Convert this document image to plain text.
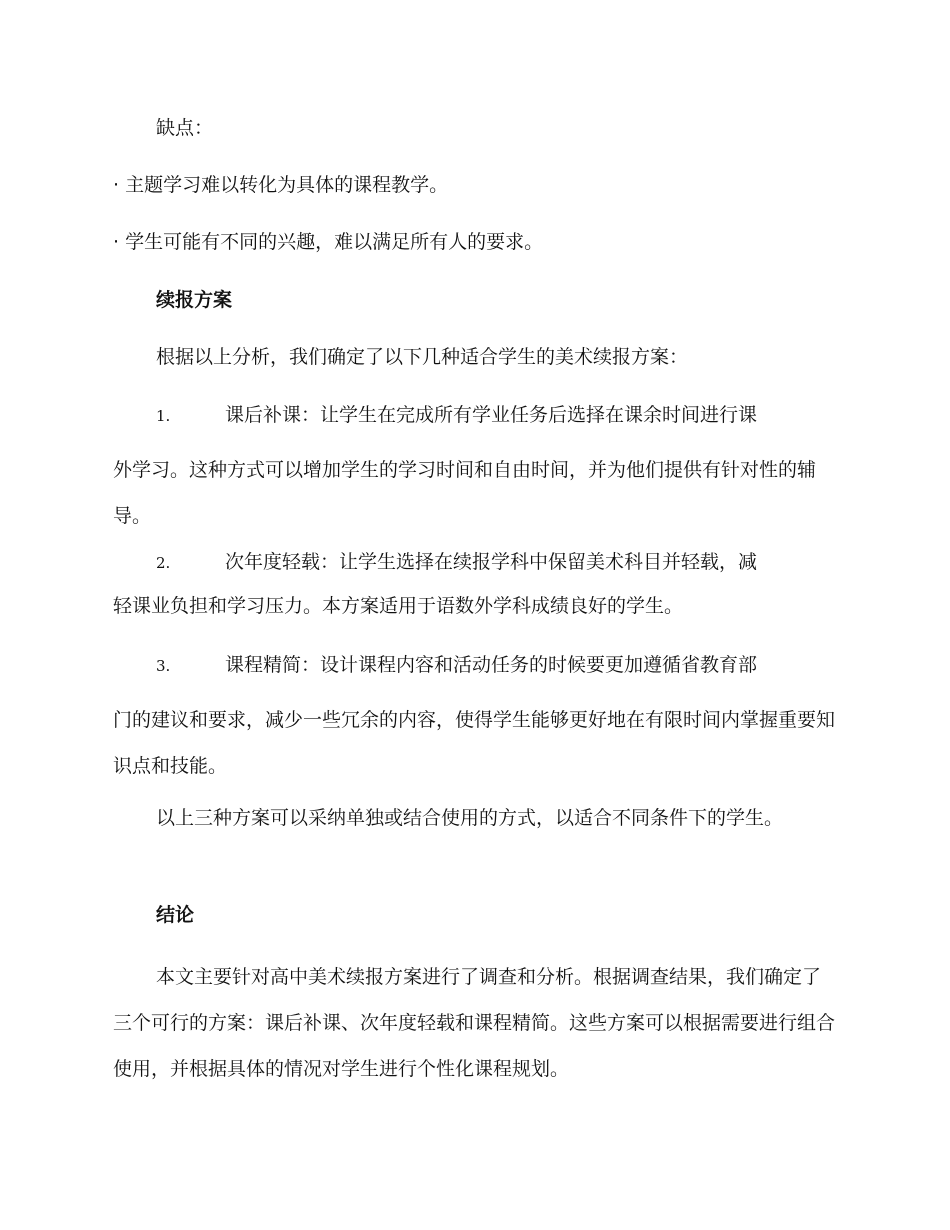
缺点：

· 主题学习难以转化为具体的课程教学。

· 学生可能有不同的兴趣，难以满足所有人的要求。

续报方案

根据以上分析，我们确定了以下几种适合学生的美术续报方案：

1.	课后补课：让学生在完成所有学业任务后选择在课余时间进行课
外学习。这种方式可以增加学生的学习时间和自由时间，并为他们提供有针对性的辅导。
2.	次年度轻载：让学生选择在续报学科中保留美术科目并轻载，减
轻课业负担和学习压力。本方案适用于语数外学科成绩良好的学生。
3.	课程精简：设计课程内容和活动任务的时候要更加遵循省教育部
门的建议和要求，减少一些冗余的内容，使得学生能够更好地在有限时间内掌握重要知识点和技能。

以上三种方案可以采纳单独或结合使用的方式，以适合不同条件下的学生。

结论

本文主要针对高中美术续报方案进行了调查和分析。根据调查结果，我们确定了三个可行的方案：课后补课、次年度轻载和课程精简。这些方案可以根据需要进行组合使用，并根据具体的情况对学生进行个性化课程规划。
